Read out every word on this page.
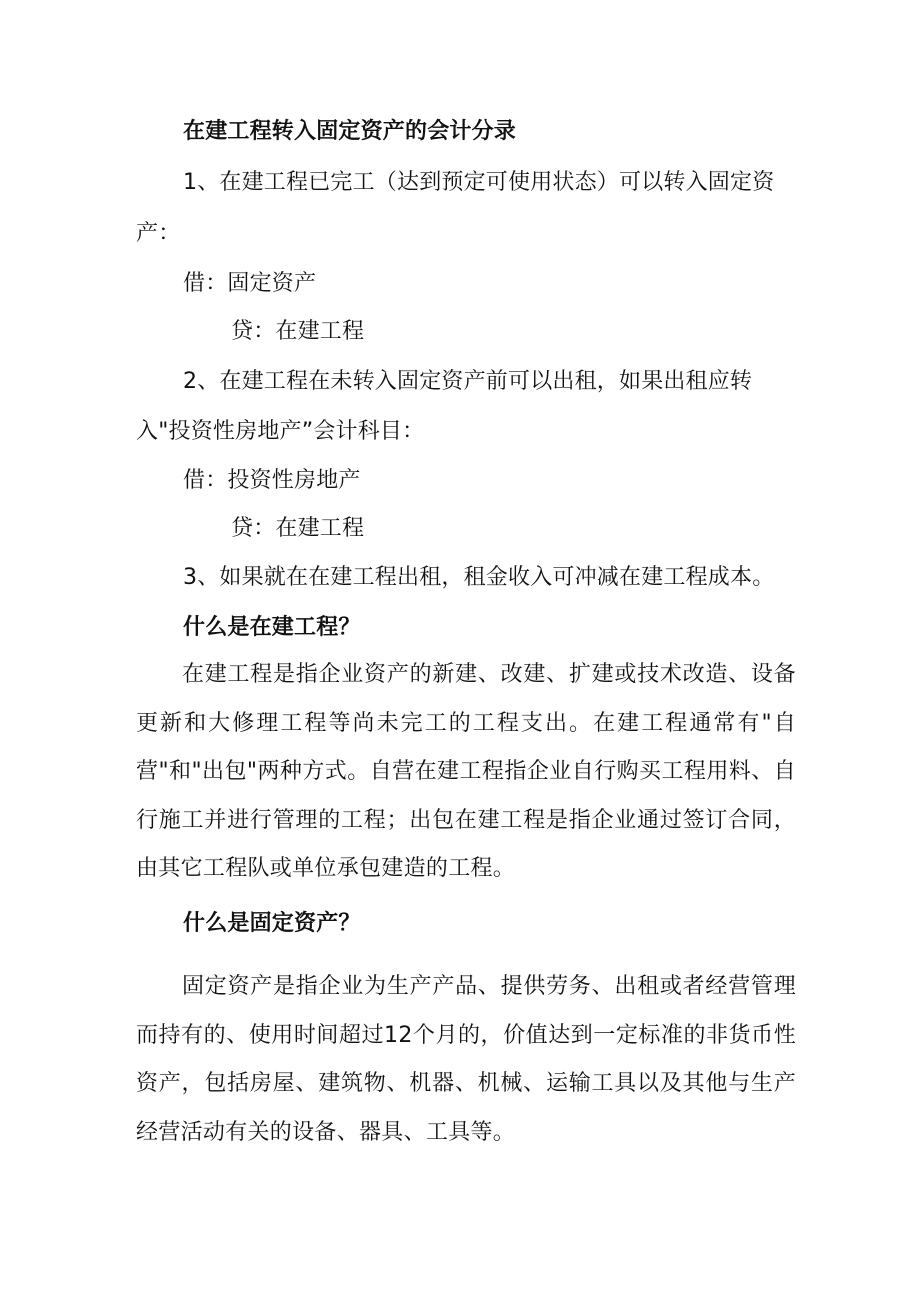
在建工程转入固定资产的会计分录
1、在建工程已完工（达到预定可使用状态）可以转入固定资
产：
借：固定资产
贷：在建工程
2、在建工程在未转入固定资产前可以出租，如果出租应转
入"投资性房地产”会计科目：
借：投资性房地产
贷：在建工程
3、如果就在在建工程出租，租金收入可冲减在建工程成本。
什么是在建工程？
在建工程是指企业资产的新建、改建、扩建或技术改造、设备更新和大修理工程等尚未完工的工程支出。在建工程通常有"自营"和"出包"两种方式。自营在建工程指企业自行购买工程用料、自行施工并进行管理的工程；出包在建工程是指企业通过签订合同，由其它工程队或单位承包建造的工程。
什么是固定资产？
固定资产是指企业为生产产品、提供劳务、出租或者经营管理而持有的、使用时间超过12个月的，价值达到一定标准的非货币性资产，包括房屋、建筑物、机器、机械、运输工具以及其他与生产经营活动有关的设备、器具、工具等。
